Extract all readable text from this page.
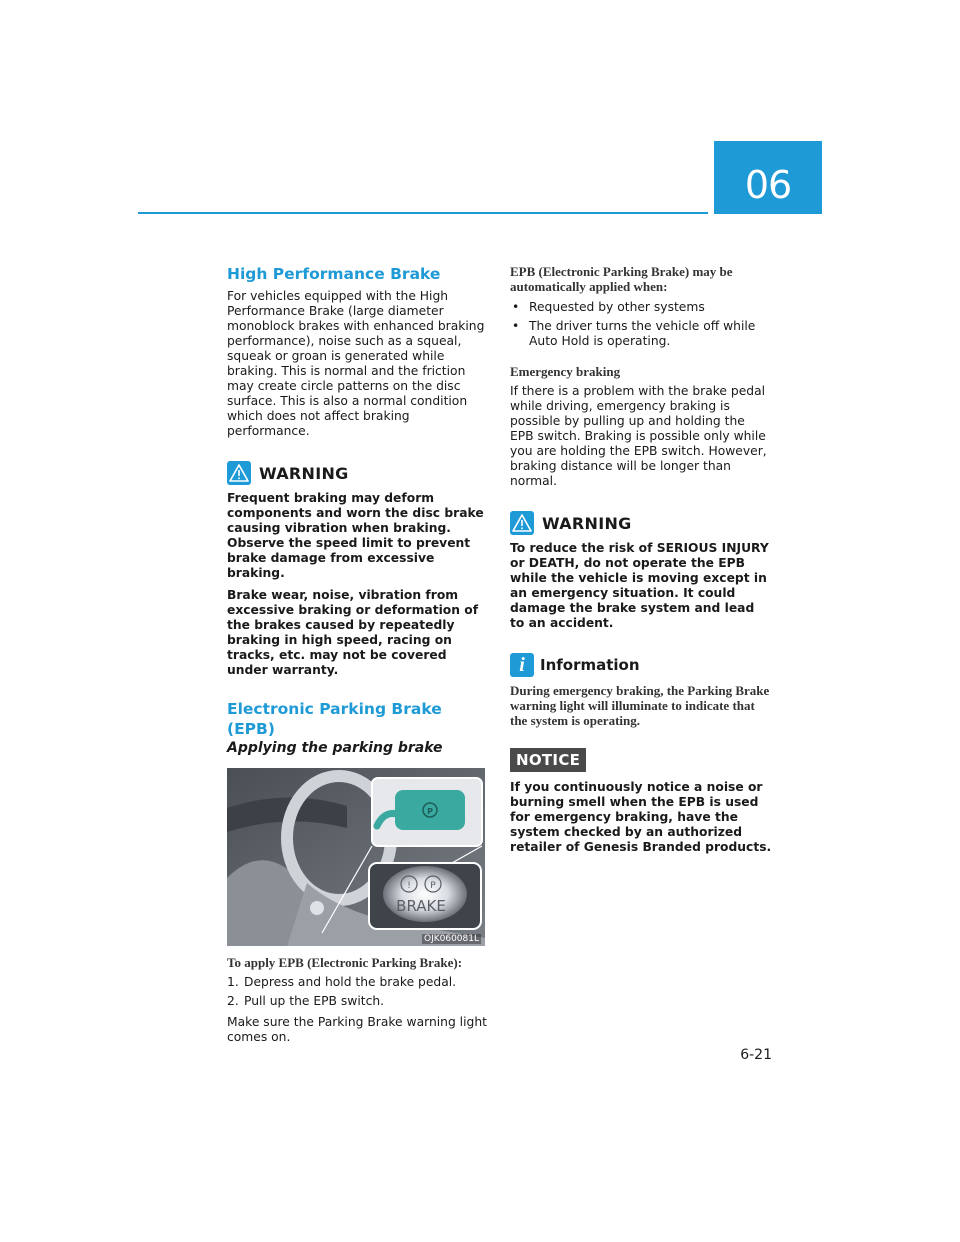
06
High Performance Brake

For vehicles equipped with the High Performance Brake (large diameter monoblock brakes with enhanced braking performance), noise such as a squeal, squeak or groan is generated while braking. This is normal and the friction may create circle patterns on the disc surface. This is also a normal condition which does not affect braking performance.

WARNING

Frequent braking may deform components and worn the disc brake causing vibration when braking. Observe the speed limit to prevent brake damage from excessive braking.

Brake wear, noise, vibration from excessive braking or deformation of the brakes caused by repeatedly braking in high speed, racing on tracks, etc. may not be covered under warranty.

Electronic Parking Brake (EPB)
Applying the parking brake
P
! P
BRAKE
OJK060081L
To apply EPB (Electronic Parking Brake):
1. Depress and hold the brake pedal.
2. Pull up the EPB switch.

Make sure the Parking Brake warning light comes on.

EPB (Electronic Parking Brake) may be automatically applied when:
• Requested by other systems
• The driver turns the vehicle off while Auto Hold is operating.
Emergency braking

If there is a problem with the brake pedal while driving, emergency braking is possible by pulling up and holding the EPB switch. Braking is possible only while you are holding the EPB switch. However, braking distance will be longer than normal.

WARNING

To reduce the risk of SERIOUS INJURY or DEATH, do not operate the EPB while the vehicle is moving except in an emergency situation. It could damage the brake system and lead to an accident.

i	Information

During emergency braking, the Parking Brake warning light will illuminate to indicate that the system is operating.

NOTICE

If you continuously notice a noise or burning smell when the EPB is used for emergency braking, have the system checked by an authorized retailer of Genesis Branded products.

6-21
